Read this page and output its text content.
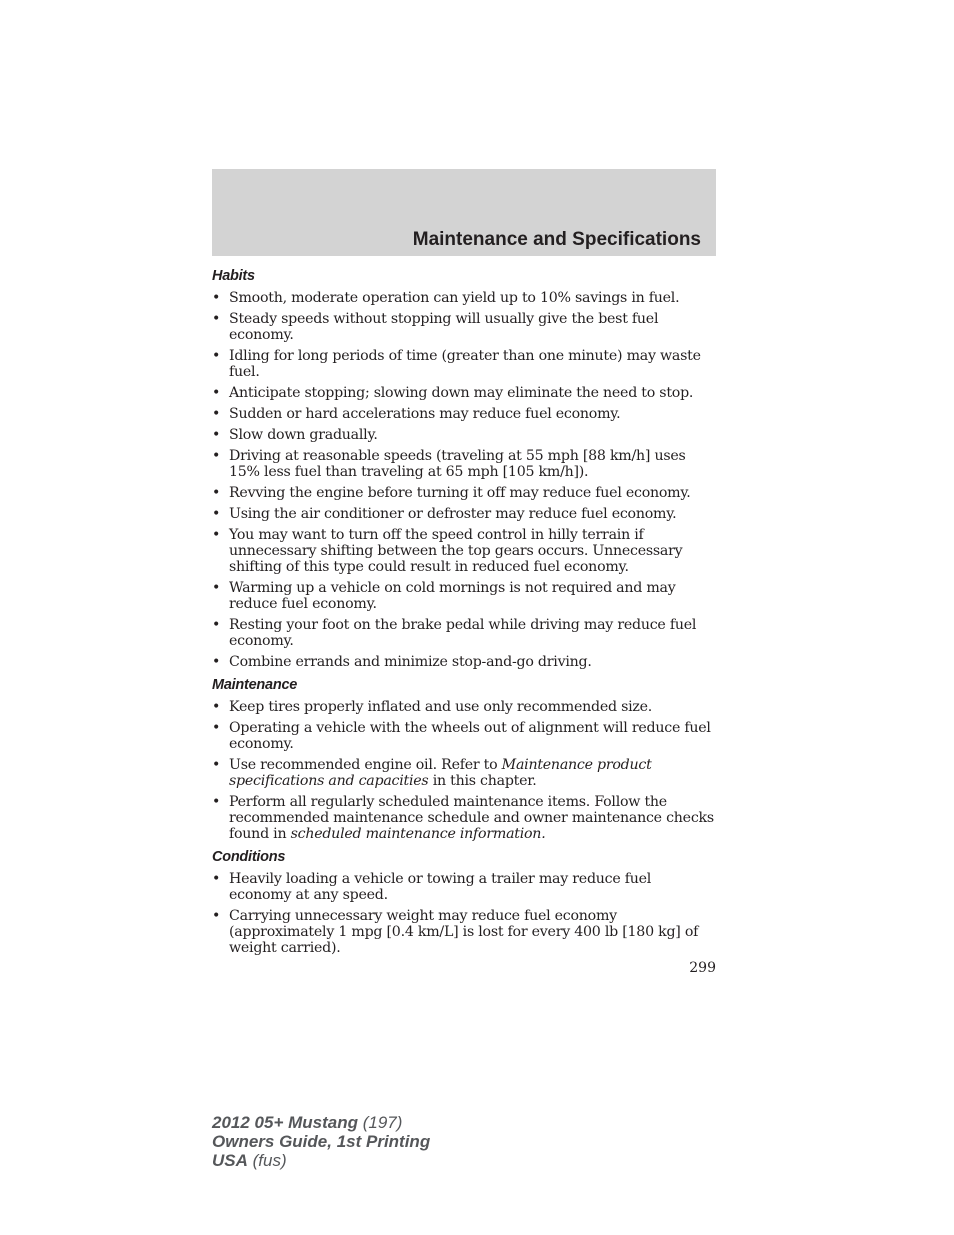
Maintenance and Specifications
Habits
• Smooth, moderate operation can yield up to 10% savings in fuel.
• Steady speeds without stopping will usually give the best fuel economy.
• Idling for long periods of time (greater than one minute) may waste fuel.
• Anticipate stopping; slowing down may eliminate the need to stop.
• Sudden or hard accelerations may reduce fuel economy.
• Slow down gradually.
• Driving at reasonable speeds (traveling at 55 mph [88 km/h] uses 15% less fuel than traveling at 65 mph [105 km/h]).
• Revving the engine before turning it off may reduce fuel economy.
• Using the air conditioner or defroster may reduce fuel economy.
• You may want to turn off the speed control in hilly terrain if unnecessary shifting between the top gears occurs. Unnecessary shifting of this type could result in reduced fuel economy.
• Warming up a vehicle on cold mornings is not required and may reduce fuel economy.
• Resting your foot on the brake pedal while driving may reduce fuel economy.
• Combine errands and minimize stop-and-go driving.
Maintenance
• Keep tires properly inflated and use only recommended size.
• Operating a vehicle with the wheels out of alignment will reduce fuel economy.
• Use recommended engine oil. Refer to Maintenance product specifications and capacities in this chapter.
• Perform all regularly scheduled maintenance items. Follow the recommended maintenance schedule and owner maintenance checks found in scheduled maintenance information.
Conditions
• Heavily loading a vehicle or towing a trailer may reduce fuel economy at any speed.
• Carrying unnecessary weight may reduce fuel economy (approximately 1 mpg [0.4 km/L] is lost for every 400 lb [180 kg] of weight carried).
299
2012 05+ Mustang (197)
Owners Guide, 1st Printing
USA (fus)
